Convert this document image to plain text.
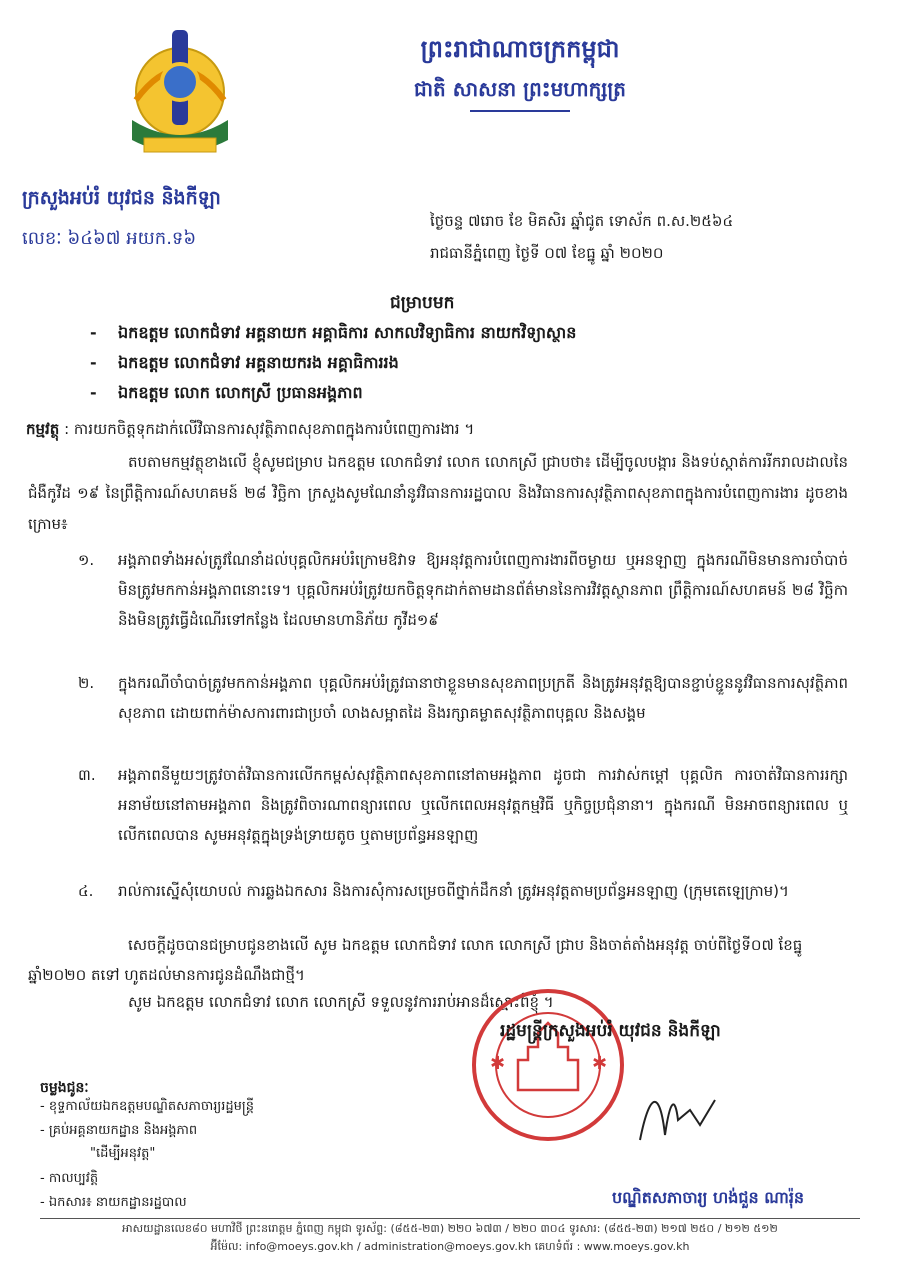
ព្រះរាជាណាចក្រកម្ពុជា
ជាតិ សាសនា ព្រះមហាក្សត្រ
ក្រសួងអប់រំ យុវជន និងកីឡា
លេខៈ ៦៤៦៧ អយក.ទ៦
ថ្ងៃចន្ទ ៧រោច ខែ មិគសិរ ឆ្នាំជូត ទោស័ក ព.ស.២៥៦៤
រាជធានីភ្នំពេញ ថ្ងៃទី ០៧ ខែធ្នូ ឆ្នាំ ២០២០
ជម្រាបមក
- ឯកឧត្តម លោកជំទាវ អគ្គនាយក អគ្គាធិការ សាកលវិទ្យាធិការ នាយកវិទ្យាស្ថាន
- ឯកឧត្តម លោកជំទាវ អគ្គនាយករង អគ្គាធិការរង
- ឯកឧត្តម លោក លោកស្រី ប្រធានអង្គភាព
កម្មវត្ថុ : ការយកចិត្តទុកដាក់លើវិធានការសុវត្ថិភាពសុខភាពក្នុងការបំពេញការងារ ។
តបតាមកម្មវត្ថុខាងលើ ខ្ញុំសូមជម្រាប ឯកឧត្តម លោកជំទាវ លោក លោកស្រី ជ្រាបថា៖ ដើម្បីចូលបង្ការ និងទប់ស្កាត់ការរីករាលដាលនៃជំងឺកូវីដ ១៩ នៃព្រឹត្តិការណ៍សហគមន៍ ២៨ វិច្ឆិកា ក្រសួងសូមណែនាំនូវវិធានការរដ្ឋបាល និងវិធានការសុវត្ថិភាពសុខភាពក្នុងការបំពេញការងារ ដូចខាងក្រោម៖
១. អង្គភាពទាំងអស់ត្រូវណែនាំដល់បុគ្គលិកអប់រំក្រោមឱវាទ ឱ្យអនុវត្តការបំពេញការងារពីចម្ងាយ ឬអនឡាញ ក្នុងករណីមិនមានការចាំបាច់ មិនត្រូវមកកាន់អង្គភាពនោះទេ។ បុគ្គលិកអប់រំត្រូវយកចិត្តទុកដាក់តាមដានព័ត៌មាននៃការវិវត្តស្ថានភាព ព្រឹត្តិការណ៍សហគមន៍ ២៨ វិច្ឆិកា និងមិនត្រូវធ្វើដំណើរទៅកន្លែង ដែលមានហានិភ័យ កូវីដ១៩
២. ក្នុងករណីចាំបាច់ត្រូវមកកាន់អង្គភាព បុគ្គលិកអប់រំត្រូវធានាថាខ្លួនមានសុខភាពប្រក្រតី និងត្រូវអនុវត្តឱ្យបានខ្ជាប់ខ្ជួននូវវិធានការសុវត្ថិភាពសុខភាព ដោយពាក់ម៉ាសការពារជាប្រចាំ លាងសម្អាតដៃ និងរក្សាគម្លាតសុវត្ថិភាពបុគ្គល និងសង្គម
៣. អង្គភាពនីមួយៗត្រូវចាត់វិធានការលើកកម្ពស់សុវត្ថិភាពសុខភាពនៅតាមអង្គភាព ដូចជា ការវាស់កម្ដៅ បុគ្គលិក ការចាត់វិធានការរក្សាអនាម័យនៅតាមអង្គភាព និងត្រូវពិចារណាពន្យារពេល ឬលើកពេលអនុវត្តកម្មវិធី ឬកិច្ចប្រជុំនានា។ ក្នុងករណី មិនអាចពន្យារពេល ឬលើកពេលបាន សូមអនុវត្តក្នុងទ្រង់ទ្រាយតូច ឬតាមប្រព័ន្ធអនឡាញ
៤. រាល់ការស្នើសុំយោបល់ ការឆ្លងឯកសារ និងការសុំការសម្រេចពីថ្នាក់ដឹកនាំ ត្រូវអនុវត្តតាមប្រព័ន្ធអនឡាញ (ក្រុមតេឡេក្រាម)។
សេចក្ដីដូចបានជម្រាបជូនខាងលើ សូម ឯកឧត្តម លោកជំទាវ លោក លោកស្រី ជ្រាប និងចាត់តាំងអនុវត្ត ចាប់ពីថ្ងៃទី០៧ ខែធ្នូ ឆ្នាំ២០២០ តទៅ ហូតដល់មានការជូនដំណឹងជាថ្មី។
សូម ឯកឧត្តម លោកជំទាវ លោក លោកស្រី ទទួលនូវការរាប់អានដ៏ស្មោះពីខ្ញុំ ។
✱	✱
រដ្ឋមន្ត្រីក្រសួងអប់រំ យុវជន និងកីឡា
បណ្ឌិតសភាចារ្យ ហង់ជួន ណារ៉ុន
ចម្លងជូនៈ
- ខុទ្ទកាល័យឯកឧត្តមបណ្ឌិតសភាចារ្យរដ្ឋមន្ត្រី
- គ្រប់អគ្គនាយកដ្ឋាន និងអង្គភាព
"ដើម្បីអនុវត្ត"
- កាលប្បវត្តិ
- ឯកសារ៖ នាយកដ្ឋានរដ្ឋបាល
អាសយដ្ឋានលេខ៨០ មហាវិថី ព្រះនរោត្តម ភ្នំពេញ កម្ពុជា ទូរស័ព្ទ: (៨៥៥-២៣) ២២០ ៦៧៣ / ២២០ ៣០៤ ទូរសារ: (៨៥៥-២៣) ២១៧ ២៥០ / ២១២ ៥១២
អ៊ីម៉ែល: info@moeys.gov.kh / administration@moeys.gov.kh គេហទំព័រ : www.moeys.gov.kh
